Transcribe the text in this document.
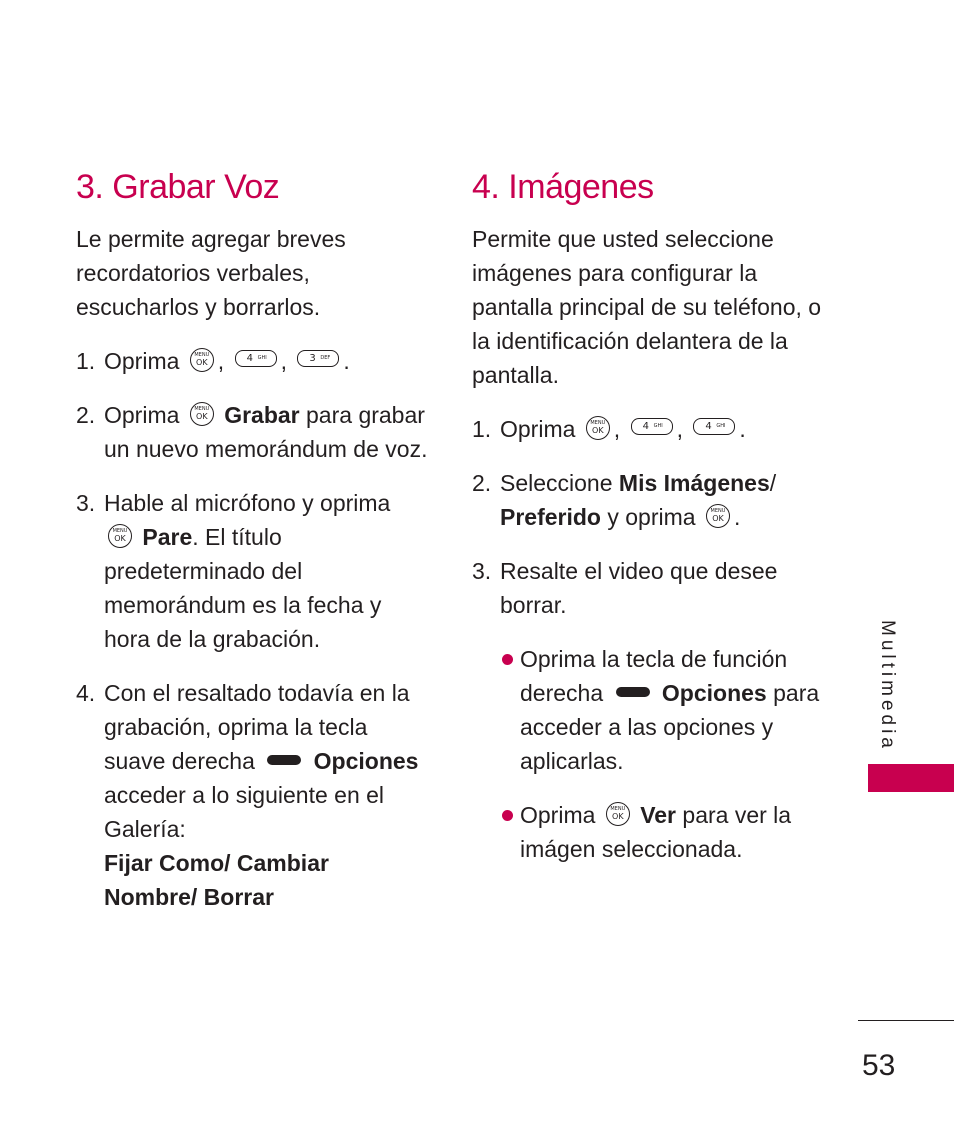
3. Grabar Voz

Le permite agregar breves recordatorios verbales, escucharlos y borrarlos.

1. Oprima MENU OK , 4 GHI , 3 DEF .
2. Oprima MENU OK Grabar para grabar un nuevo memorándum de voz.
3. Hable al micrófono y oprima MENU OK Pare. El título predeterminado del memorándum es la fecha y hora de la grabación.
4. Con el resaltado todavía en la grabación, oprima la tecla suave derecha	Opciones acceder a lo siguiente en el Galería:

Fijar Como/ Cambiar Nombre/ Borrar

4. Imágenes

Permite que usted seleccione imágenes para configurar la pantalla principal de su teléfono, o la identificación delantera de la pantalla.

1. Oprima MENU OK , 4 GHI , 4 GHI .
2. Seleccione Mis Imágenes/ Preferido y oprima MENU OK .
3. Resalte el video que desee borrar.
Oprima la tecla de función derecha	Opciones para acceder a las opciones y aplicarlas.
Oprima MENU OK Ver para ver la imágen seleccionada.
Multimedia
53
